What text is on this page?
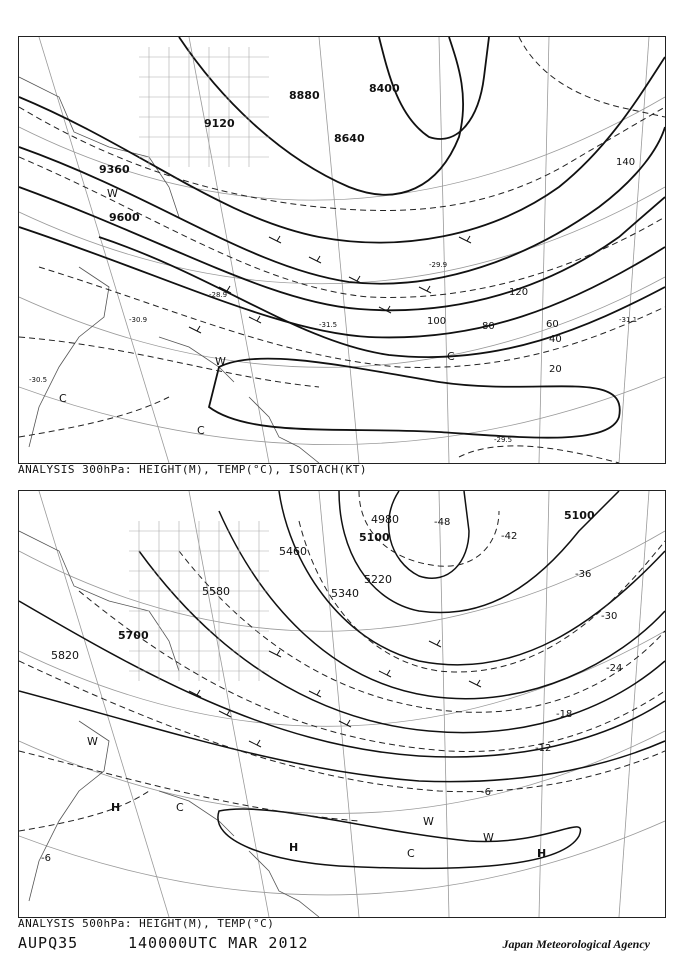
8400
8640
8880
9120
9360
9600
20
40
60
80
100
120
140
-30.9
-31.5
-29.5
-30.5
-31.1
-28.9
-29.9
W
C
C
C
W
ANALYSIS 300hPa: HEIGHT(M), TEMP(°C), ISOTACH(KT)
4980
5100
5100
5220
5340
5460
5580
5700
5820
-48
-42
-36
-30
-24
-18
-12
-6
-6
H
H	H
W
W
C
C
W
ANALYSIS 500hPa: HEIGHT(M), TEMP(°C)
AUPQ35	140000UTC MAR 2012	Japan Meteorological Agency
